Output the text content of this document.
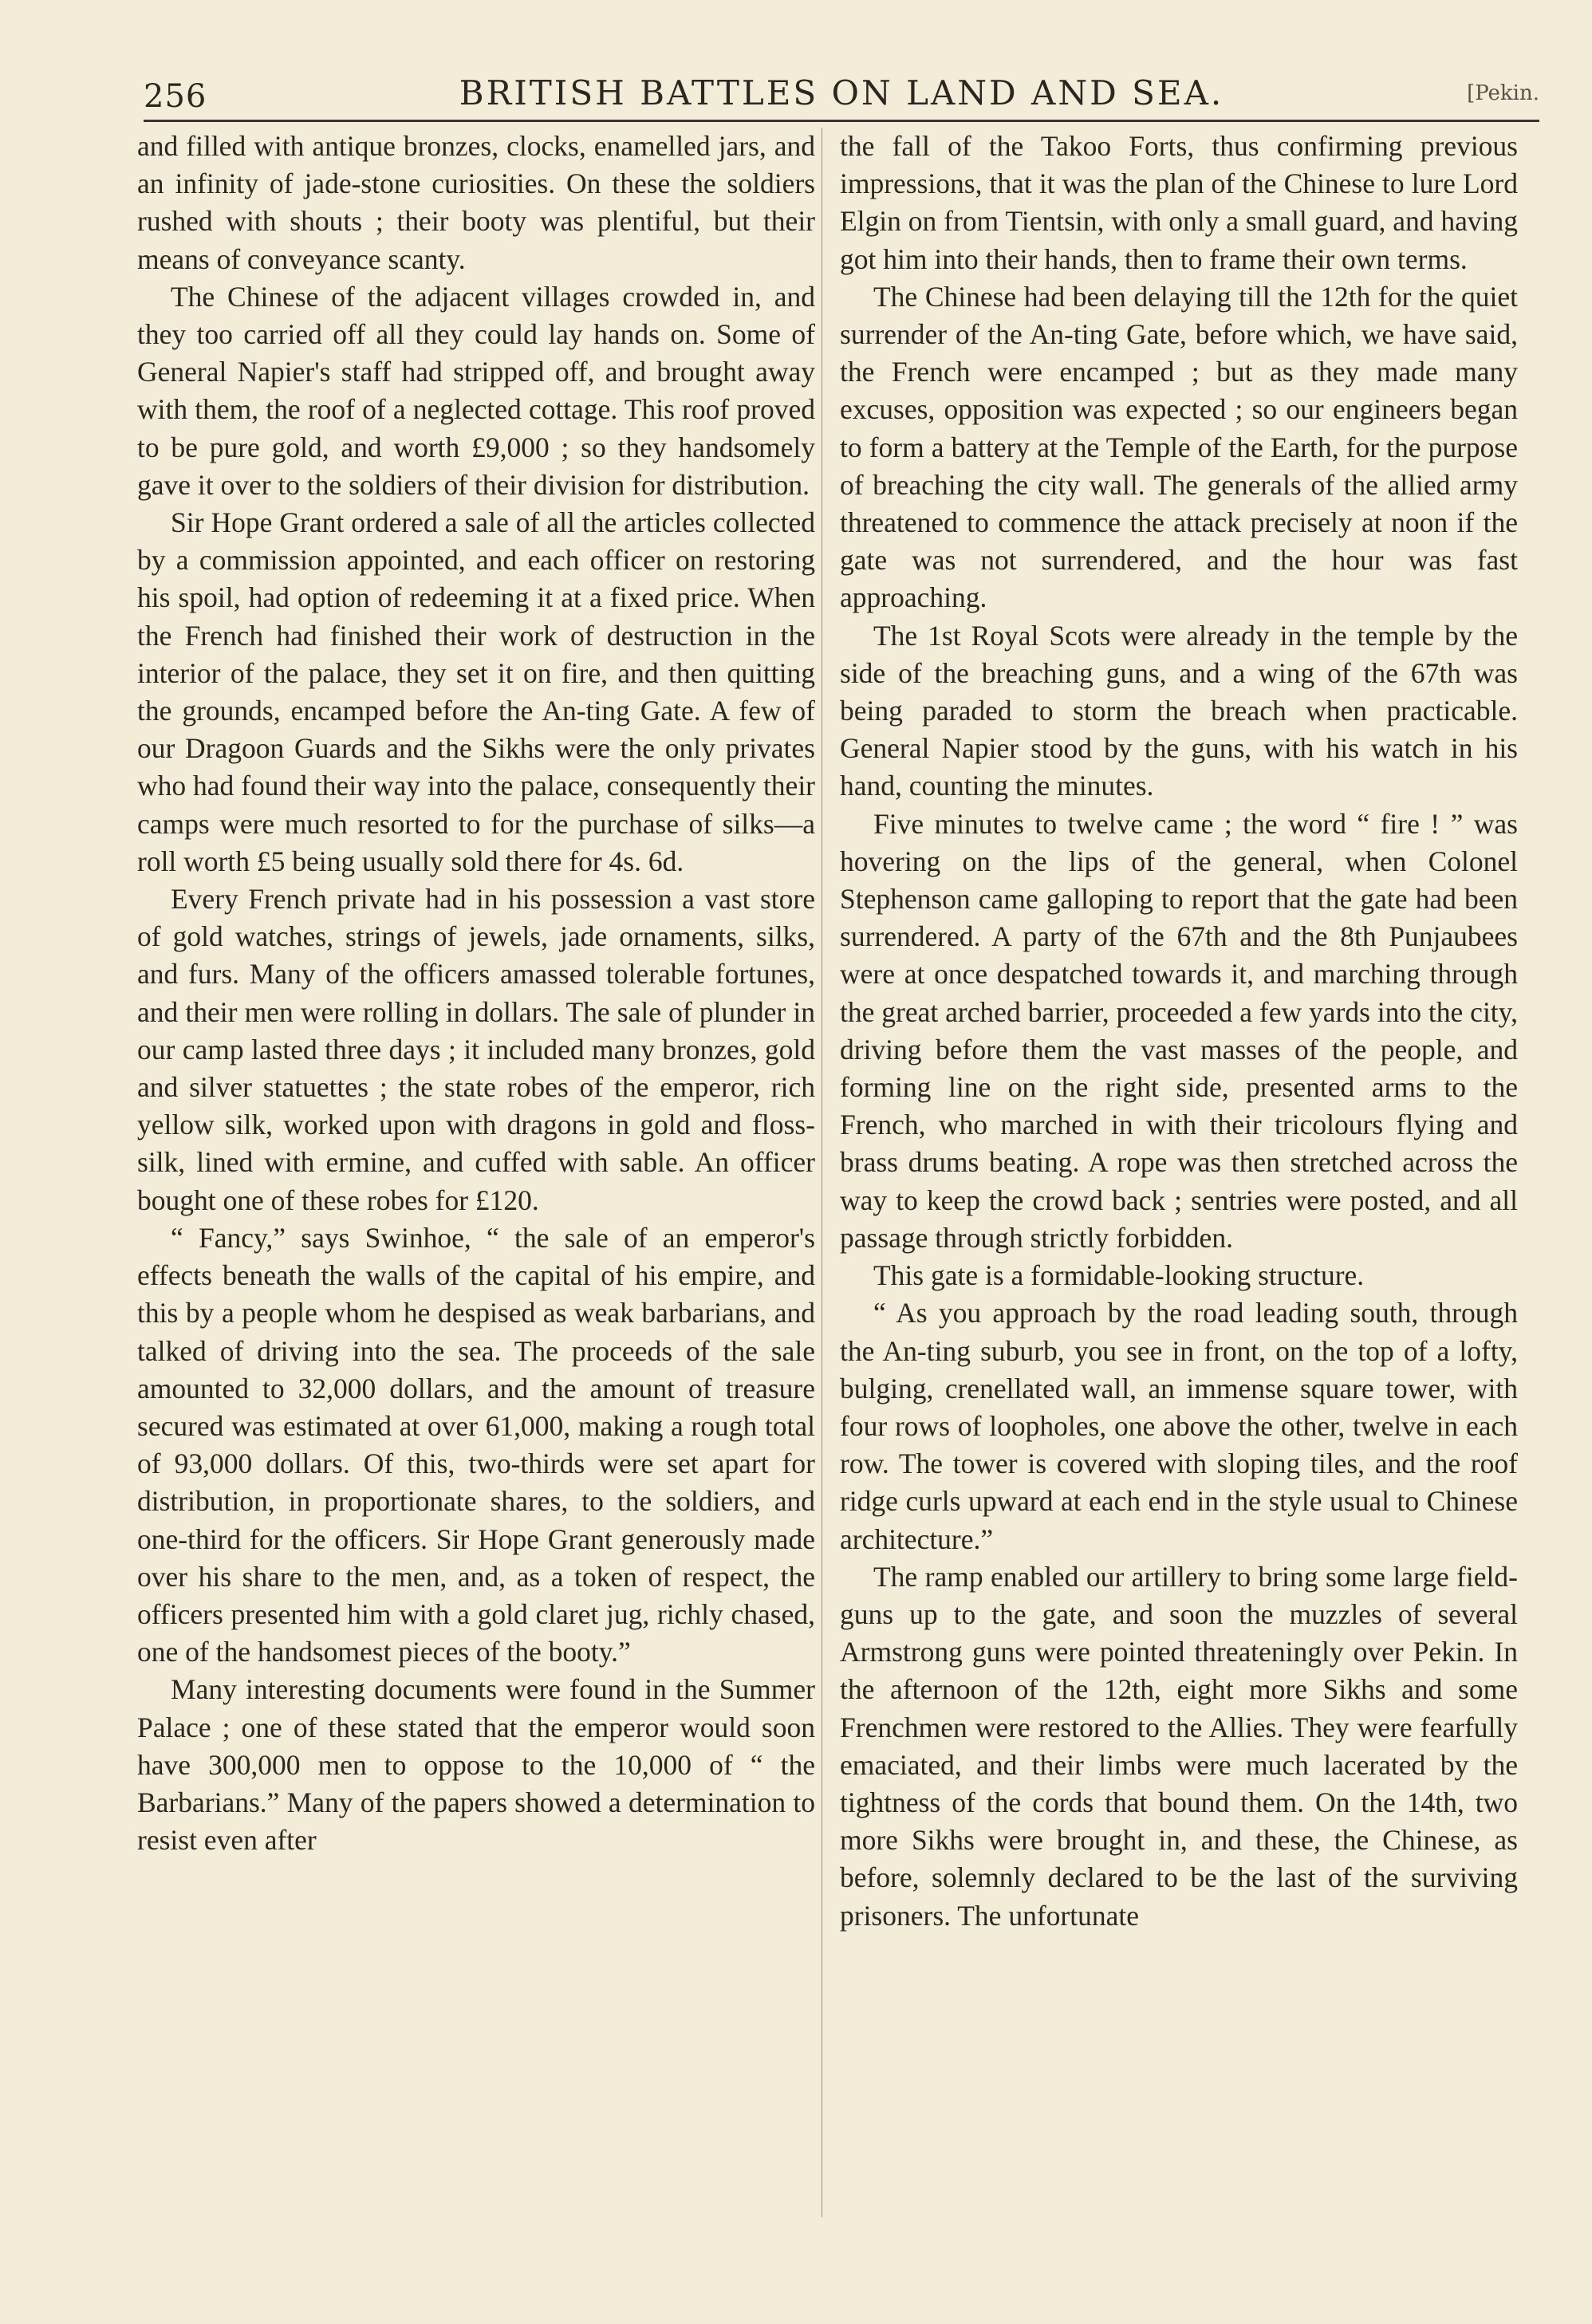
256	BRITISH BATTLES ON LAND AND SEA.	[Pekin.

and filled with antique bronzes, clocks, enamelled jars, and an infinity of jade-stone curiosities. On these the soldiers rushed with shouts ; their booty was plentiful, but their means of conveyance scanty.

The Chinese of the adjacent villages crowded in, and they too carried off all they could lay hands on. Some of General Napier's staff had stripped off, and brought away with them, the roof of a neglected cottage. This roof proved to be pure gold, and worth £9,000 ; so they handsomely gave it over to the soldiers of their division for distribution.

Sir Hope Grant ordered a sale of all the articles collected by a commission appointed, and each officer on restoring his spoil, had option of redeeming it at a fixed price. When the French had finished their work of destruction in the interior of the palace, they set it on fire, and then quitting the grounds, encamped before the An-ting Gate. A few of our Dragoon Guards and the Sikhs were the only privates who had found their way into the palace, consequently their camps were much resorted to for the purchase of silks—a roll worth £5 being usually sold there for 4s. 6d.

Every French private had in his possession a vast store of gold watches, strings of jewels, jade ornaments, silks, and furs. Many of the officers amassed tolerable fortunes, and their men were rolling in dollars. The sale of plunder in our camp lasted three days ; it included many bronzes, gold and silver statuettes ; the state robes of the emperor, rich yellow silk, worked upon with dragons in gold and floss-silk, lined with ermine, and cuffed with sable. An officer bought one of these robes for £120.

“ Fancy,” says Swinhoe, “ the sale of an emperor's effects beneath the walls of the capital of his empire, and this by a people whom he despised as weak barbarians, and talked of driving into the sea. The proceeds of the sale amounted to 32,000 dollars, and the amount of treasure secured was estimated at over 61,000, making a rough total of 93,000 dollars. Of this, two-thirds were set apart for distribution, in proportionate shares, to the soldiers, and one-third for the officers. Sir Hope Grant generously made over his share to the men, and, as a token of respect, the officers presented him with a gold claret jug, richly chased, one of the handsomest pieces of the booty.”

Many interesting documents were found in the Summer Palace ; one of these stated that the emperor would soon have 300,000 men to oppose to the 10,000 of “ the Barbarians.” Many of the papers showed a determination to resist even after

the fall of the Takoo Forts, thus confirming previous impressions, that it was the plan of the Chinese to lure Lord Elgin on from Tientsin, with only a small guard, and having got him into their hands, then to frame their own terms.

The Chinese had been delaying till the 12th for the quiet surrender of the An-ting Gate, before which, we have said, the French were encamped ; but as they made many excuses, opposition was expected ; so our engineers began to form a battery at the Temple of the Earth, for the purpose of breaching the city wall. The generals of the allied army threatened to commence the attack precisely at noon if the gate was not surrendered, and the hour was fast approaching.

The 1st Royal Scots were already in the temple by the side of the breaching guns, and a wing of the 67th was being paraded to storm the breach when practicable. General Napier stood by the guns, with his watch in his hand, counting the minutes.

Five minutes to twelve came ; the word “ fire ! ” was hovering on the lips of the general, when Colonel Stephenson came galloping to report that the gate had been surrendered. A party of the 67th and the 8th Punjaubees were at once despatched towards it, and marching through the great arched barrier, proceeded a few yards into the city, driving before them the vast masses of the people, and forming line on the right side, presented arms to the French, who marched in with their tricolours flying and brass drums beating. A rope was then stretched across the way to keep the crowd back ; sentries were posted, and all passage through strictly forbidden.

This gate is a formidable-looking structure.

“ As you approach by the road leading south, through the An-ting suburb, you see in front, on the top of a lofty, bulging, crenellated wall, an immense square tower, with four rows of loopholes, one above the other, twelve in each row. The tower is covered with sloping tiles, and the roof ridge curls upward at each end in the style usual to Chinese architecture.”

The ramp enabled our artillery to bring some large field-guns up to the gate, and soon the muzzles of several Armstrong guns were pointed threateningly over Pekin. In the afternoon of the 12th, eight more Sikhs and some Frenchmen were restored to the Allies. They were fearfully emaciated, and their limbs were much lacerated by the tightness of the cords that bound them. On the 14th, two more Sikhs were brought in, and these, the Chinese, as before, solemnly declared to be the last of the surviving prisoners. The unfortunate
